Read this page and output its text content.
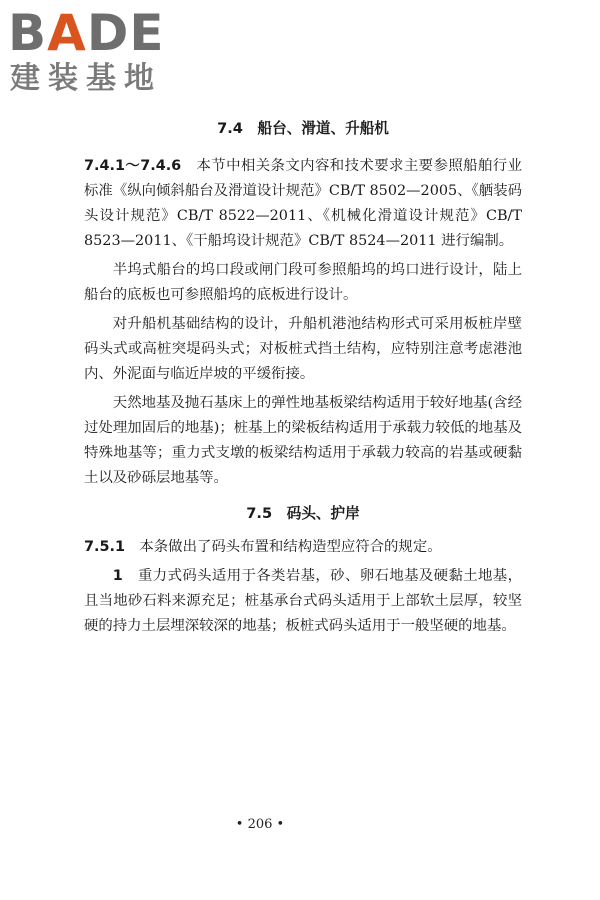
BADE
建装基地
7.4　船台、滑道、升船机

7.4.1～7.4.6　 本节中相关条文内容和技术要求主要参照船舶行业标准《纵向倾斜船台及滑道设计规范》CB/T 8502—2005、《舾装码头设计规范》CB/T 8522—2011、《机械化滑道设计规范》CB/T 8523—2011、《干船坞设计规范》CB/T 8524—2011 进行编制。

半坞式船台的坞口段或闸门段可参照船坞的坞口进行设计，陆上船台的底板也可参照船坞的底板进行设计。

对升船机基础结构的设计，升船机港池结构形式可采用板桩岸壁码头式或高桩突堤码头式；对板桩式挡土结构，应特别注意考虑港池内、外泥面与临近岸坡的平缓衔接。

天然地基及抛石基床上的弹性地基板梁结构适用于较好地基(含经过处理加固后的地基)；桩基上的梁板结构适用于承载力较低的地基及特殊地基等；重力式支墩的板梁结构适用于承载力较高的岩基或硬黏土以及砂砾层地基等。

7.5　码头、护岸

7.5.1　 本条做出了码头布置和结构造型应符合的规定。

1　 重力式码头适用于各类岩基，砂、卵石地基及硬黏土地基，且当地砂石料来源充足；桩基承台式码头适用于上部软土层厚，较坚硬的持力土层埋深较深的地基；板桩式码头适用于一般坚硬的地基。

• 206 •
